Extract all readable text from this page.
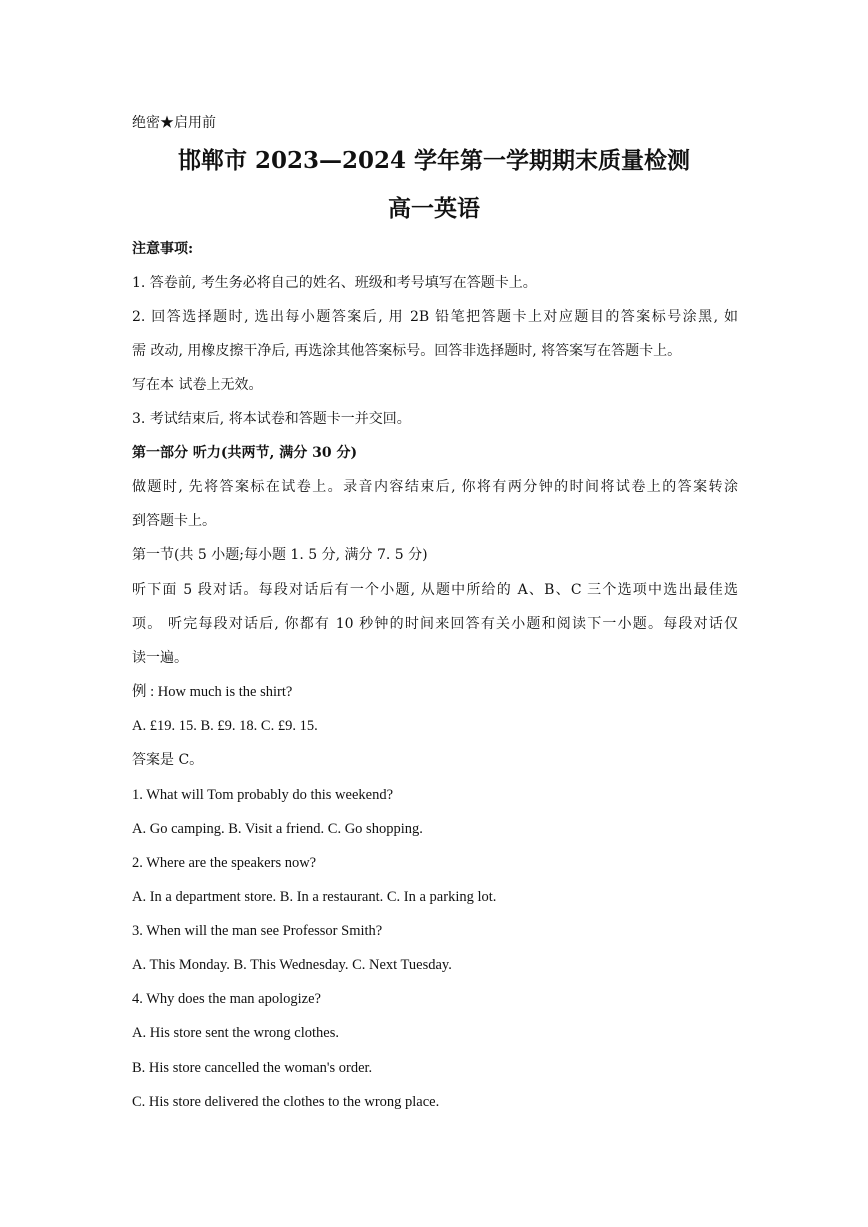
绝密★启用前
邯郸市 2023—2024 学年第一学期期末质量检测
高一英语
注意事项:
1. 答卷前, 考生务必将自己的姓名、班级和考号填写在答题卡上。
2. 回答选择题时, 选出每小题答案后, 用 2B 铅笔把答题卡上对应题目的答案标号涂黑, 如
需 改动, 用橡皮擦干净后, 再选涂其他答案标号。回答非选择题时, 将答案写在答题卡上。
写在本 试卷上无效。
3. 考试结束后, 将本试卷和答题卡一并交回。
第一部分 听力(共两节, 满分 30 分)
做题时, 先将答案标在试卷上。录音内容结束后, 你将有两分钟的时间将试卷上的答案转涂
到答题卡上。
第一节(共 5 小题;每小题 1. 5 分, 满分 7. 5 分)
听下面 5 段对话。每段对话后有一个小题, 从题中所给的 A、B、C 三个选项中选出最佳选
项。 听完每段对话后, 你都有 10 秒钟的时间来回答有关小题和阅读下一小题。每段对话仅
读一遍。
例 : How much is the shirt?
A. £19. 15. B. £9. 18. C. £9. 15.
答案是 C。
1. What will Tom probably do this weekend?
A. Go camping. B. Visit a friend. C. Go shopping.
2. Where are the speakers now?
A. In a department store. B. In a restaurant. C. In a parking lot.
3. When will the man see Professor Smith?
A. This Monday. B. This Wednesday. C. Next Tuesday.
4. Why does the man apologize?
A. His store sent the wrong clothes.
B. His store cancelled the woman's order.
C. His store delivered the clothes to the wrong place.
